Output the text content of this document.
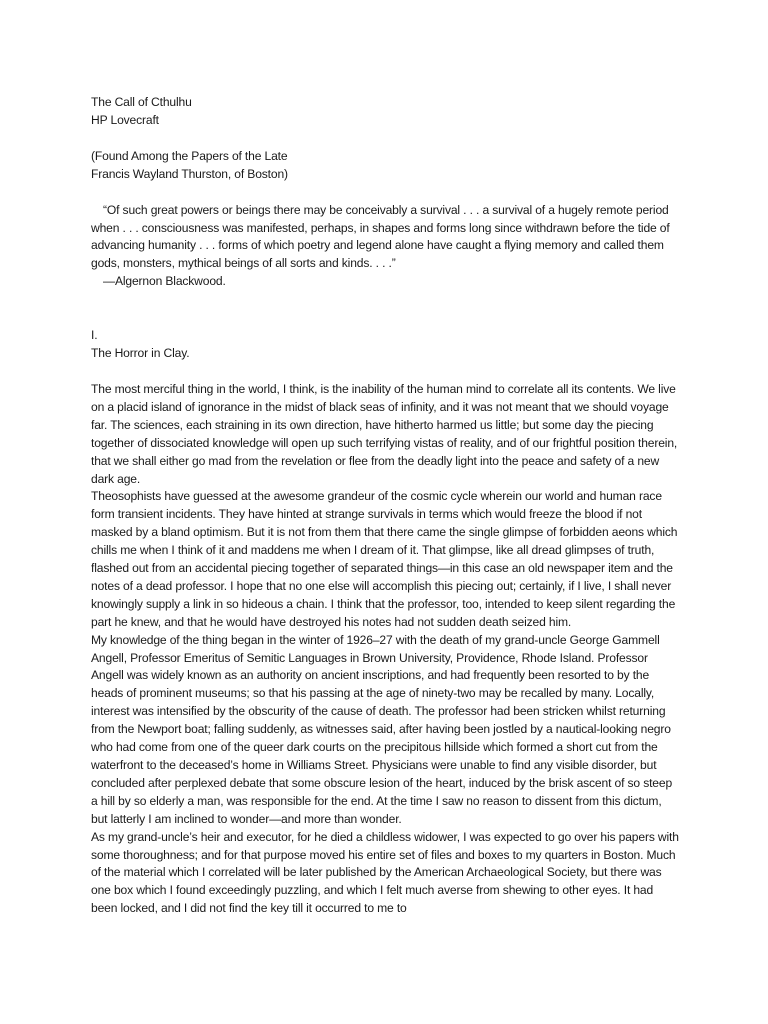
The Call of Cthulhu

HP Lovecraft

(Found Among the Papers of the Late

Francis Wayland Thurston, of Boston)

“Of such great powers or beings there may be conceivably a survival . . . a survival of a hugely remote period when . . . consciousness was manifested, perhaps, in shapes and forms long since withdrawn before the tide of advancing humanity . . . forms of which poetry and legend alone have caught a flying memory and called them gods, monsters, mythical beings of all sorts and kinds. . . .”

—Algernon Blackwood.

I.

The Horror in Clay.

The most merciful thing in the world, I think, is the inability of the human mind to correlate all its contents. We live on a placid island of ignorance in the midst of black seas of infinity, and it was not meant that we should voyage far. The sciences, each straining in its own direction, have hitherto harmed us little; but some day the piecing together of dissociated knowledge will open up such terrifying vistas of reality, and of our frightful position therein, that we shall either go mad from the revelation or flee from the deadly light into the peace and safety of a new dark age.

Theosophists have guessed at the awesome grandeur of the cosmic cycle wherein our world and human race form transient incidents. They have hinted at strange survivals in terms which would freeze the blood if not masked by a bland optimism. But it is not from them that there came the single glimpse of forbidden aeons which chills me when I think of it and maddens me when I dream of it. That glimpse, like all dread glimpses of truth, flashed out from an accidental piecing together of separated things—in this case an old newspaper item and the notes of a dead professor. I hope that no one else will accomplish this piecing out; certainly, if I live, I shall never knowingly supply a link in so hideous a chain. I think that the professor, too, intended to keep silent regarding the part he knew, and that he would have destroyed his notes had not sudden death seized him.

My knowledge of the thing began in the winter of 1926–27 with the death of my grand-uncle George Gammell Angell, Professor Emeritus of Semitic Languages in Brown University, Providence, Rhode Island. Professor Angell was widely known as an authority on ancient inscriptions, and had frequently been resorted to by the heads of prominent museums; so that his passing at the age of ninety-two may be recalled by many. Locally, interest was intensified by the obscurity of the cause of death. The professor had been stricken whilst returning from the Newport boat; falling suddenly, as witnesses said, after having been jostled by a nautical-looking negro who had come from one of the queer dark courts on the precipitous hillside which formed a short cut from the waterfront to the deceased’s home in Williams Street. Physicians were unable to find any visible disorder, but concluded after perplexed debate that some obscure lesion of the heart, induced by the brisk ascent of so steep a hill by so elderly a man, was responsible for the end. At the time I saw no reason to dissent from this dictum, but latterly I am inclined to wonder—and more than wonder.

As my grand-uncle’s heir and executor, for he died a childless widower, I was expected to go over his papers with some thoroughness; and for that purpose moved his entire set of files and boxes to my quarters in Boston. Much of the material which I correlated will be later published by the American Archaeological Society, but there was one box which I found exceedingly puzzling, and which I felt much averse from shewing to other eyes. It had been locked, and I did not find the key till it occurred to me to
